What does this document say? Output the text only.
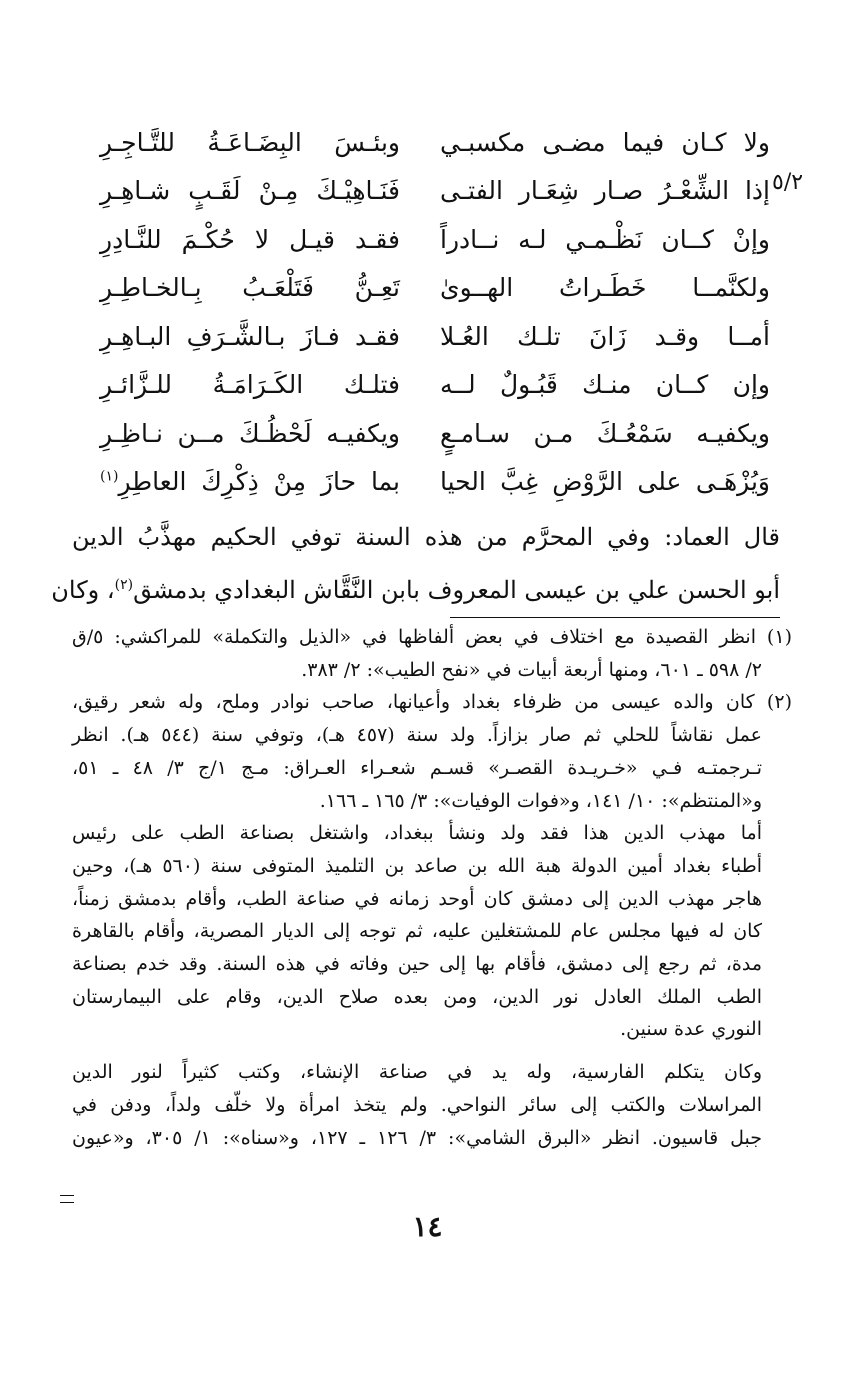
٥/٢
ولا كـان فيما مضـى مكسبـي
وبئـسَ البِضَـاعَـةُ للتَّـاجِـرِ
إذا الشِّعْـرُ صـار شِعَـار الفتـى
فَنَـاهِيْـكَ مِـنْ لَقَـبٍ شـاهِـرِ
وإنْ كــان نَظْـمـي لـه نــادراً
فقـد قيـل لا حُكْـمَ للنَّـادِرِ
ولكنَّمــا خَطَـراتُ الهــوىٰ
تَعِـنُّ فَتَلْعَـبُ بِـالخـاطِـرِ
أمــا وقـد زَانَ تلـك العُـلا
فقـد فـازَ بـالشَّـرَفِ البـاهِـرِ
وإن كــان منـك قَبُـولٌ لــه
فتلـك الكَـرَامَـةُ للـزَّائـرِ
ويكفيـه سَمْعُـكَ مـن سـامـعٍ
ويكفيـه لَحْظُـكَ مــن نـاظِـرِ
وَيُزْهَـى على الرَّوْضِ غِبَّ الحيا
بما حازَ مِنْ ذِكْرِكَ العاطِرِ$^{(١)}$
قال العماد: وفي المحرَّم من هذه السنة توفي الحكيم مهذَّبُ الدين
أبو الحسن علي بن عيسى المعروف بابن النَّقَّاش البغدادي بدمشق$^{(٢)}$، وكان
(١) انظر القصيدة مع اختلاف في بعض ألفاظها في «الذيل والتكملة» للمراكشي: ٥/ق
٢/ ٥٩٨ ـ ٦٠١، ومنها أربعة أبيات في «نفح الطيب»: ٢/ ٣٨٣.
(٢) كان والده عيسى من ظرفاء بغداد وأعيانها، صاحب نوادر وملح، وله شعر رقيق،
عمل نقاشاً للحلي ثم صار بزازاً. ولد سنة (٤٥٧ هـ)، وتوفي سنة (٥٤٤ هـ). انظر
تـرجمتـه فـي «خـريـدة القصـر» قسـم شعـراء العـراق: مـج ١/ج ٣/ ٤٨ ـ ٥١،
و«المنتظم»: ١٠/ ١٤١، و«فوات الوفيات»: ٣/ ١٦٥ ـ ١٦٦.
أما مهذب الدين هذا فقد ولد ونشأ ببغداد، واشتغل بصناعة الطب على رئيس
أطباء بغداد أمين الدولة هبة الله بن صاعد بن التلميذ المتوفى سنة (٥٦٠ هـ)، وحين
هاجر مهذب الدين إلى دمشق كان أوحد زمانه في صناعة الطب، وأقام بدمشق زمناً،
كان له فيها مجلس عام للمشتغلين عليه، ثم توجه إلى الديار المصرية، وأقام بالقاهرة
مدة، ثم رجع إلى دمشق، فأقام بها إلى حين وفاته في هذه السنة. وقد خدم بصناعة
الطب الملك العادل نور الدين، ومن بعده صلاح الدين، وقام على البيمارستان
النوري عدة سنين.
وكان يتكلم الفارسية، وله يد في صناعة الإنشاء، وكتب كثيراً لنور الدين
المراسلات والكتب إلى سائر النواحي. ولم يتخذ امرأة ولا خلّف ولداً، ودفن في
جبل قاسيون. انظر «البرق الشامي»: ٣/ ١٢٦ ـ ١٢٧، و«سناه»: ١/ ٣٠٥، و«عيون
١٤
